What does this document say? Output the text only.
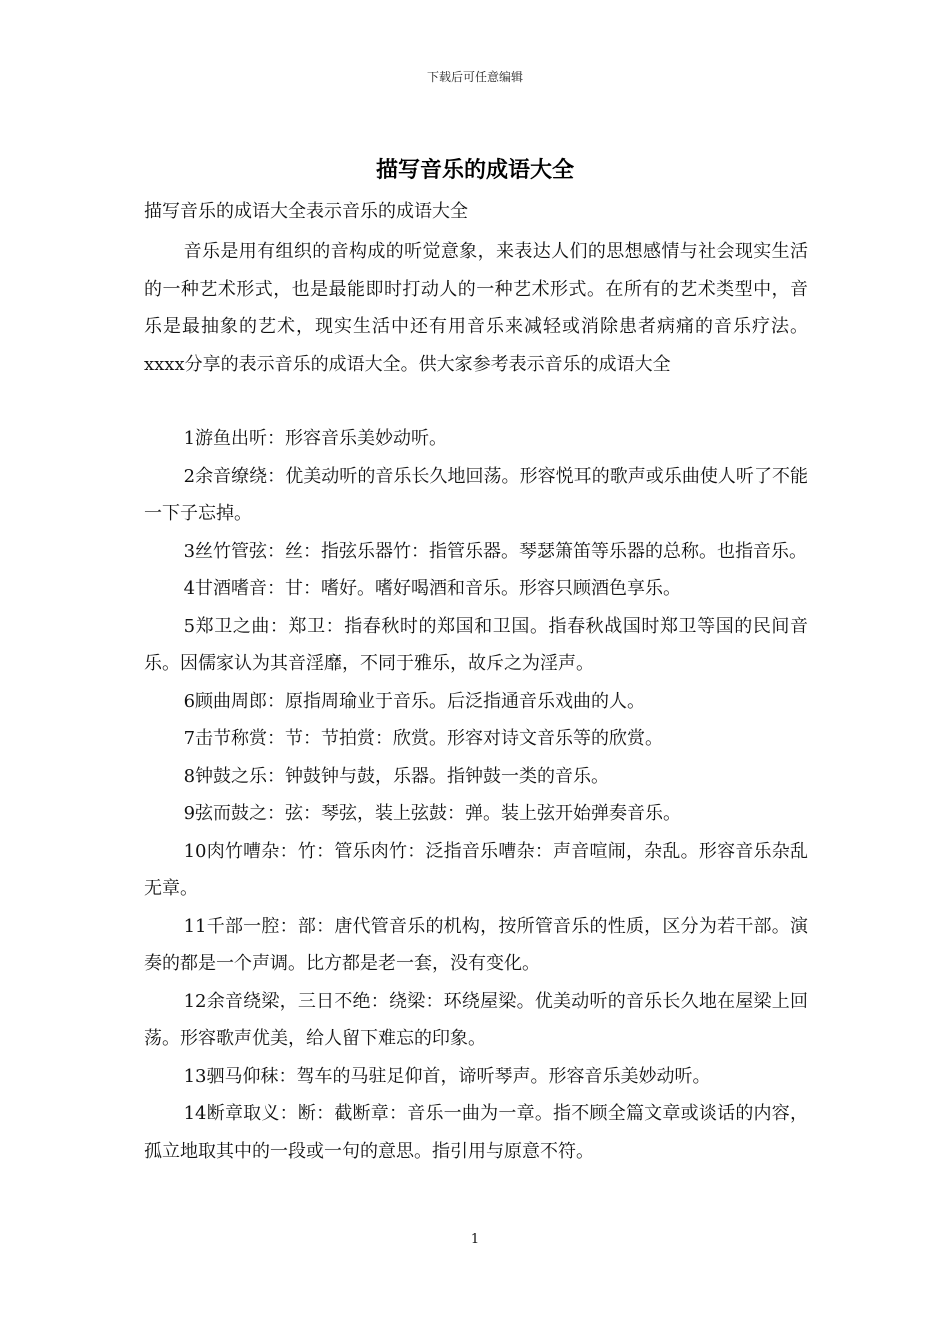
下载后可任意编辑
描写音乐的成语大全
描写音乐的成语大全表示音乐的成语大全

音乐是用有组织的音构成的听觉意象，来表达人们的思想感情与社会现实生活的一种艺术形式，也是最能即时打动人的一种艺术形式。在所有的艺术类型中，音乐是最抽象的艺术，现实生活中还有用音乐来减轻或消除患者病痛的音乐疗法。xxxx分享的表示音乐的成语大全。供大家参考表示音乐的成语大全

1游鱼出听：形容音乐美妙动听。

2余音缭绕：优美动听的音乐长久地回荡。形容悦耳的歌声或乐曲使人听了不能一下子忘掉。

3丝竹管弦：丝：指弦乐器竹：指管乐器。琴瑟箫笛等乐器的总称。也指音乐。

4甘酒嗜音：甘：嗜好。嗜好喝酒和音乐。形容只顾酒色享乐。

5郑卫之曲：郑卫：指春秋时的郑国和卫国。指春秋战国时郑卫等国的民间音乐。因儒家认为其音淫靡，不同于雅乐，故斥之为淫声。

6顾曲周郎：原指周瑜业于音乐。后泛指通音乐戏曲的人。

7击节称赏：节：节拍赏：欣赏。形容对诗文音乐等的欣赏。

8钟鼓之乐：钟鼓钟与鼓，乐器。指钟鼓一类的音乐。

9弦而鼓之：弦：琴弦，装上弦鼓：弹。装上弦开始弹奏音乐。

10肉竹嘈杂：竹：管乐肉竹：泛指音乐嘈杂：声音喧闹，杂乱。形容音乐杂乱无章。

11千部一腔：部：唐代管音乐的机构，按所管音乐的性质，区分为若干部。演奏的都是一个声调。比方都是老一套，没有变化。

12余音绕梁，三日不绝：绕梁：环绕屋梁。优美动听的音乐长久地在屋梁上回荡。形容歌声优美，给人留下难忘的印象。

13驷马仰秣：驾车的马驻足仰首，谛听琴声。形容音乐美妙动听。

14断章取义：断：截断章：音乐一曲为一章。指不顾全篇文章或谈话的内容，孤立地取其中的一段或一句的意思。指引用与原意不符。

1
